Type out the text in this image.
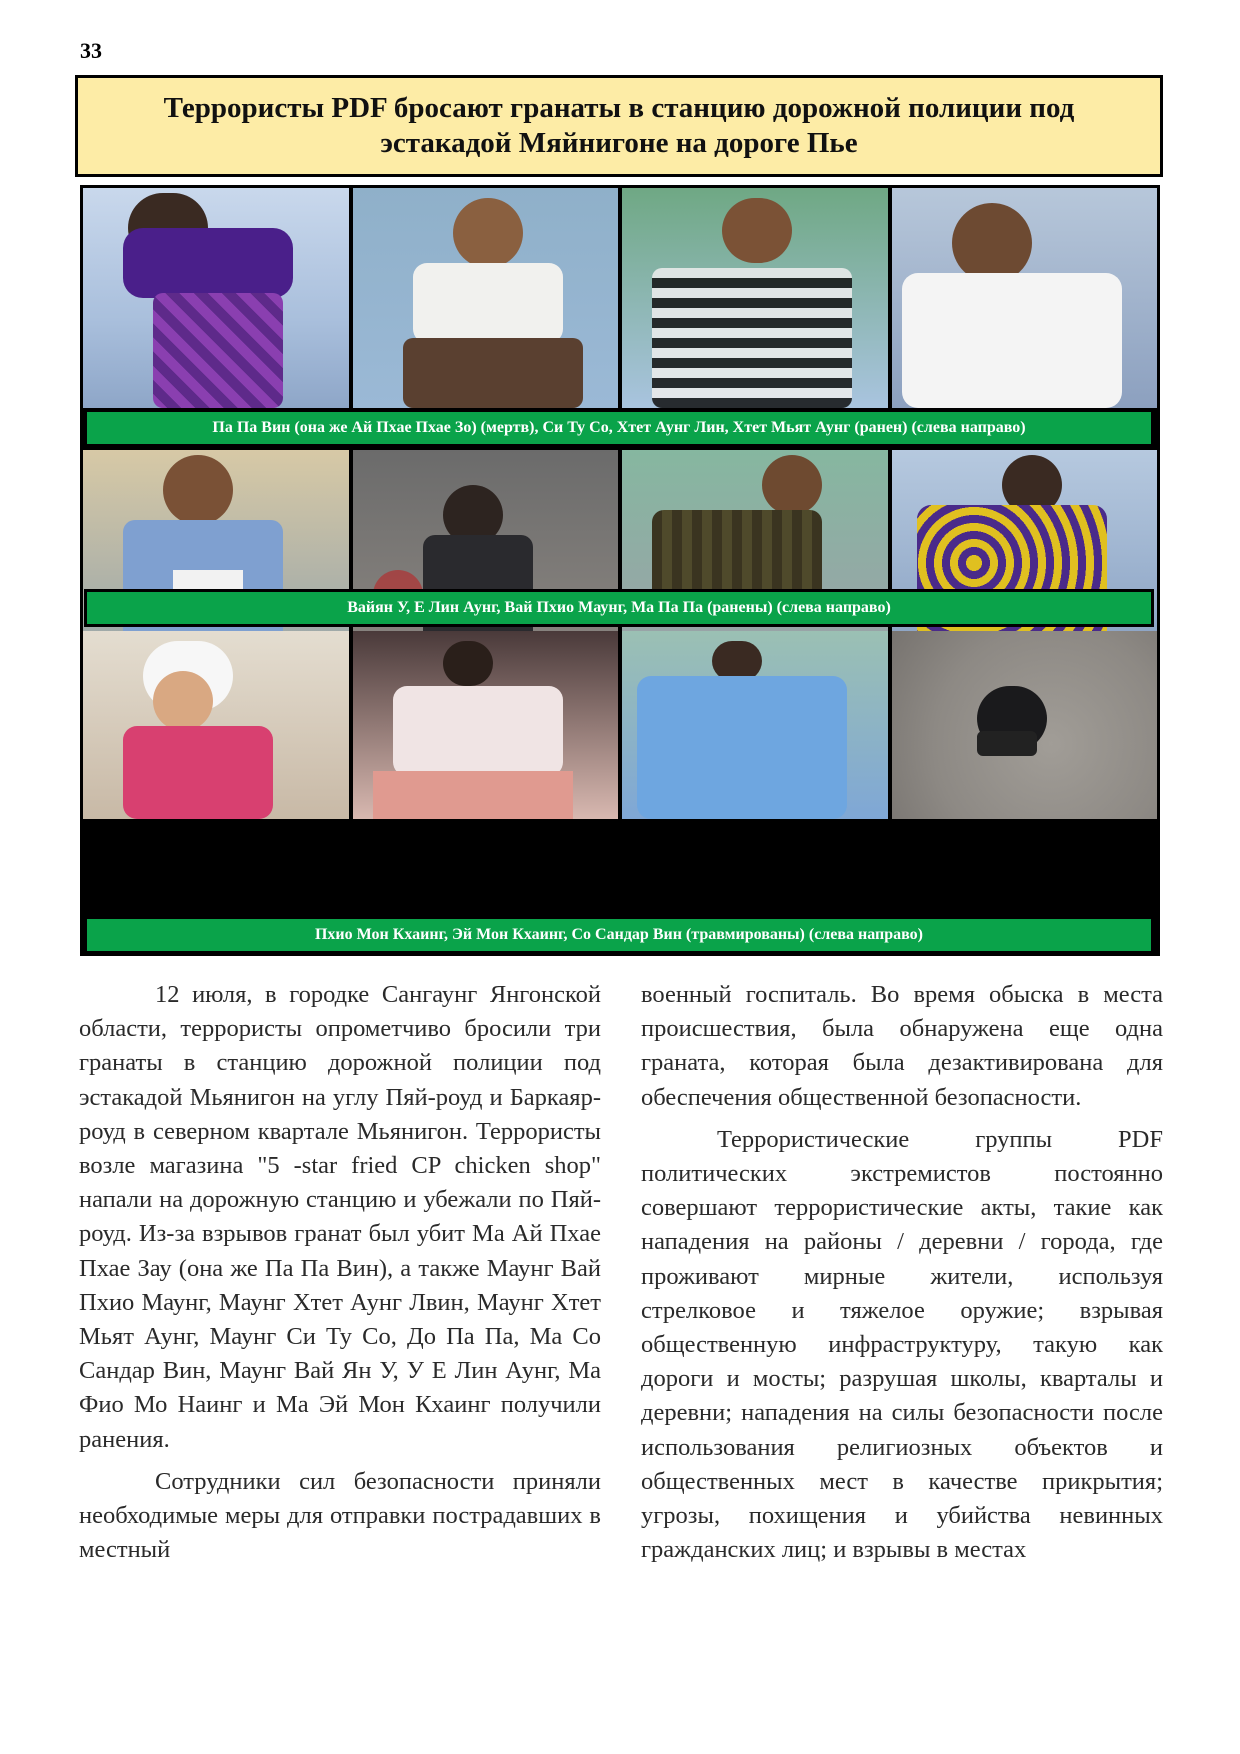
33
Террористы PDF бросают гранаты в станцию дорожной полиции под эстакадой Мяйнигоне на дороге Пье
Па Па Вин (она же Ай Пхае Пхае Зо) (мертв), Си Ту Со, Хтет Аунг Лин, Хтет Мьят Аунг (ранен) (слева направо)
Вайян У, Е Лин Аунг, Вай Пхио Маунг, Ма Па Па (ранены) (слева направо)
Пхио Мон Кхаинг, Эй Мон Кхаинг, Со Сандар Вин (травмированы) (слева направо)

12 июля, в городке Сангаунг Янгонской области, террористы опрометчиво бросили три гранаты в станцию дорожной полиции под эстакадой Мьянигон на углу Пяй-роуд и Баркаяр-роуд в северном квартале Мьянигон. Террористы возле магазина "5 -star fried CP chicken shop" напали на дорожную станцию и убежали по Пяй-роуд. Из-за взрывов гранат был убит Ма Ай Пхае Пхае Зау (она же Па Па Вин), а также Маунг Вай Пхио Маунг, Маунг Хтет Аунг Лвин, Маунг Хтет Мьят Аунг, Маунг Си Ту Со, До Па Па, Ма Со Сандар Вин, Маунг Вай Ян У, У Е Лин Аунг, Ма Фио Мо Наинг и Ма Эй Мон Кхаинг получили ранения.

Сотрудники сил безопасности приняли необходимые меры для отправки пострадавших в местный

военный госпиталь. Во время обыска в места происшествия, была обнаружена еще одна граната, которая была дезактивирована для обеспечения общественной безопасности.

Террористические группы PDF политических экстремистов постоянно совершают террористические акты, такие как нападения на районы / деревни / города, где проживают мирные жители, используя стрелковое и тяжелое оружие; взрывая общественную инфраструктуру, такую как дороги и мосты; разрушая школы, кварталы и деревни; нападения на силы безопасности после использования религиозных объектов и общественных мест в качестве прикрытия; угрозы, похищения и убийства невинных гражданских лиц; и взрывы в местах
